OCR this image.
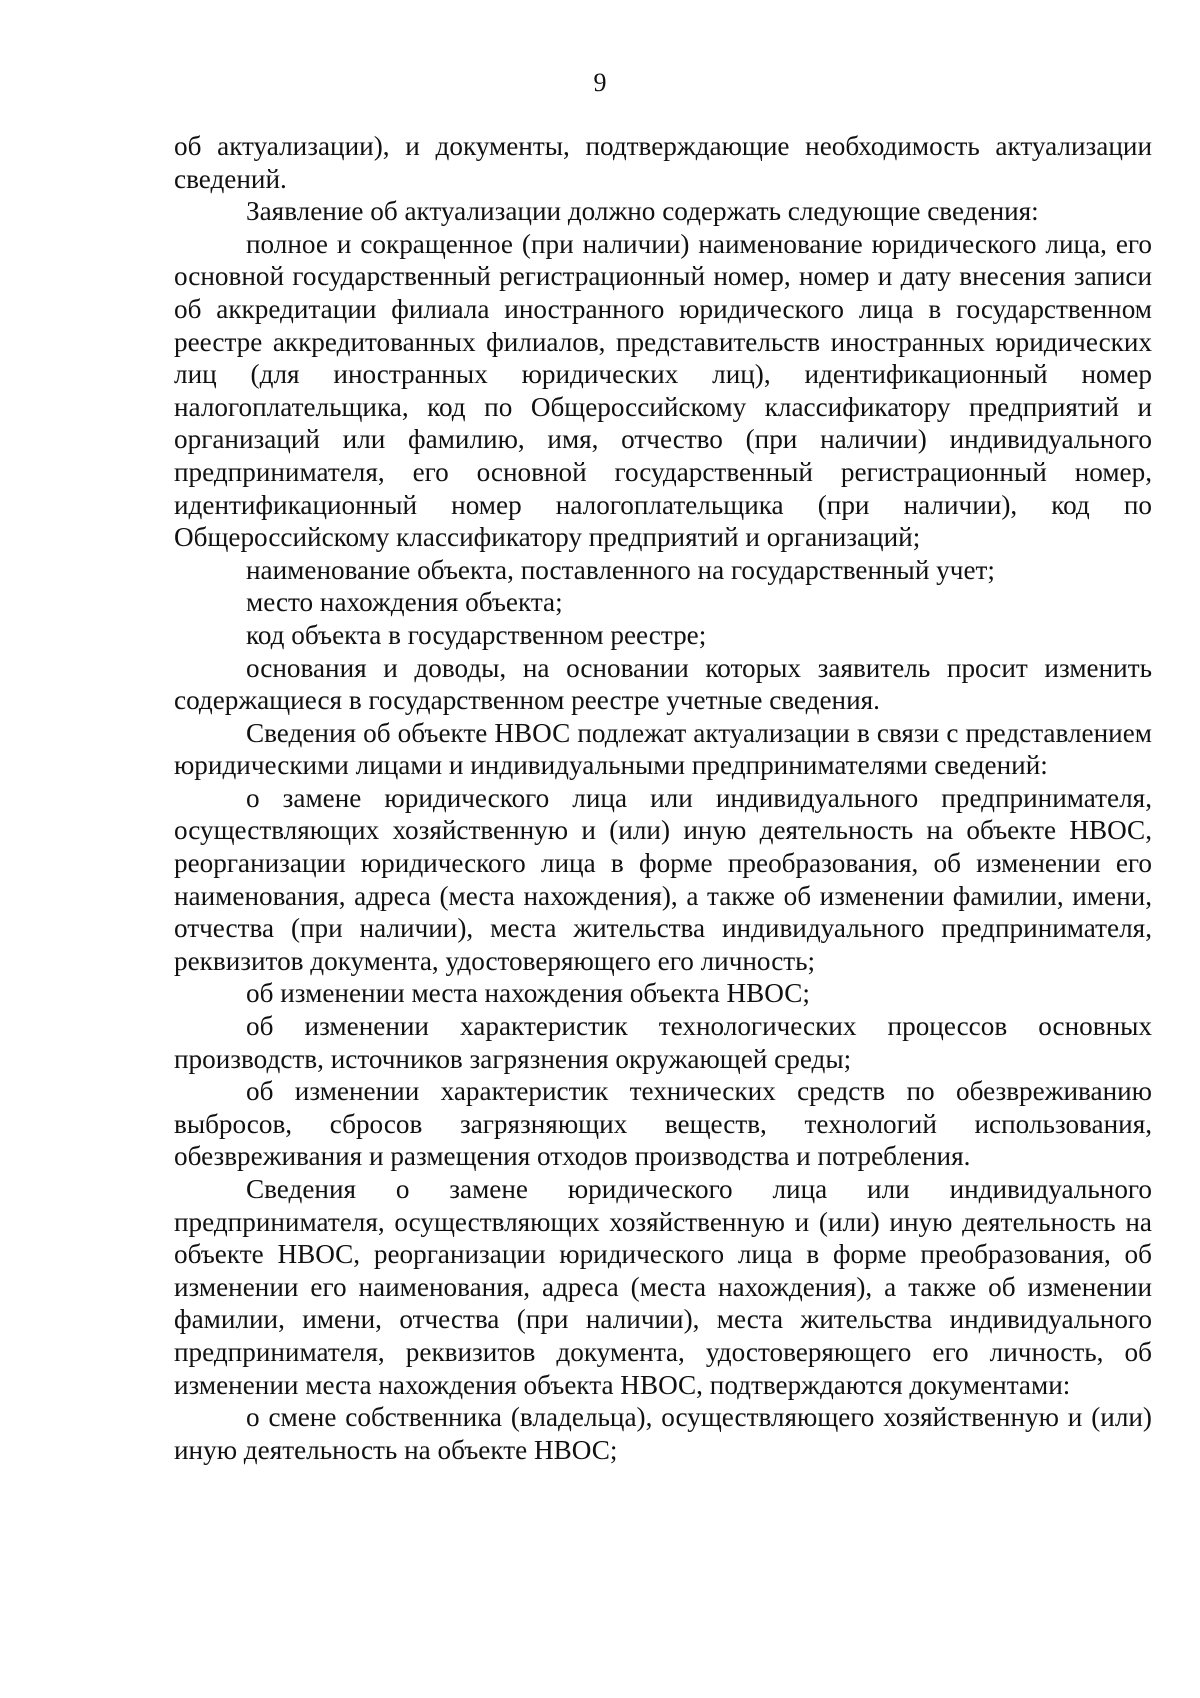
9

об актуализации), и документы, подтверждающие необходимость актуализации сведений.

Заявление об актуализации должно содержать следующие сведения:

полное и сокращенное (при наличии) наименование юридического лица, его основной государственный регистрационный номер, номер и дату внесения записи об аккредитации филиала иностранного юридического лица в государственном реестре аккредитованных филиалов, представительств иностранных юридических лиц (для иностранных юридических лиц), идентификационный номер налогоплательщика, код по Общероссийскому классификатору предприятий и организаций или фамилию, имя, отчество (при наличии) индивидуального предпринимателя, его основной государственный регистрационный номер, идентификационный номер налогоплательщика (при наличии), код по Общероссийскому классификатору предприятий и организаций;

наименование объекта, поставленного на государственный учет;

место нахождения объекта;

код объекта в государственном реестре;

основания и доводы, на основании которых заявитель просит изменить содержащиеся в государственном реестре учетные сведения.

Сведения об объекте НВОС подлежат актуализации в связи с представлением юридическими лицами и индивидуальными предпринимателями сведений:

о замене юридического лица или индивидуального предпринимателя, осуществляющих хозяйственную и (или) иную деятельность на объекте НВОС, реорганизации юридического лица в форме преобразования, об изменении его наименования, адреса (места нахождения), а также об изменении фамилии, имени, отчества (при наличии), места жительства индивидуального предпринимателя, реквизитов документа, удостоверяющего его личность;

об изменении места нахождения объекта НВОС;

об изменении характеристик технологических процессов основных производств, источников загрязнения окружающей среды;

об изменении характеристик технических средств по обезвреживанию выбросов, сбросов загрязняющих веществ, технологий использования, обезвреживания и размещения отходов производства и потребления.

Сведения о замене юридического лица или индивидуального предпринимателя, осуществляющих хозяйственную и (или) иную деятельность на объекте НВОС, реорганизации юридического лица в форме преобразования, об изменении его наименования, адреса (места нахождения), а также об изменении фамилии, имени, отчества (при наличии), места жительства индивидуального предпринимателя, реквизитов документа, удостоверяющего его личность, об изменении места нахождения объекта НВОС, подтверждаются документами:

о смене собственника (владельца), осуществляющего хозяйственную и (или) иную деятельность на объекте НВОС;
